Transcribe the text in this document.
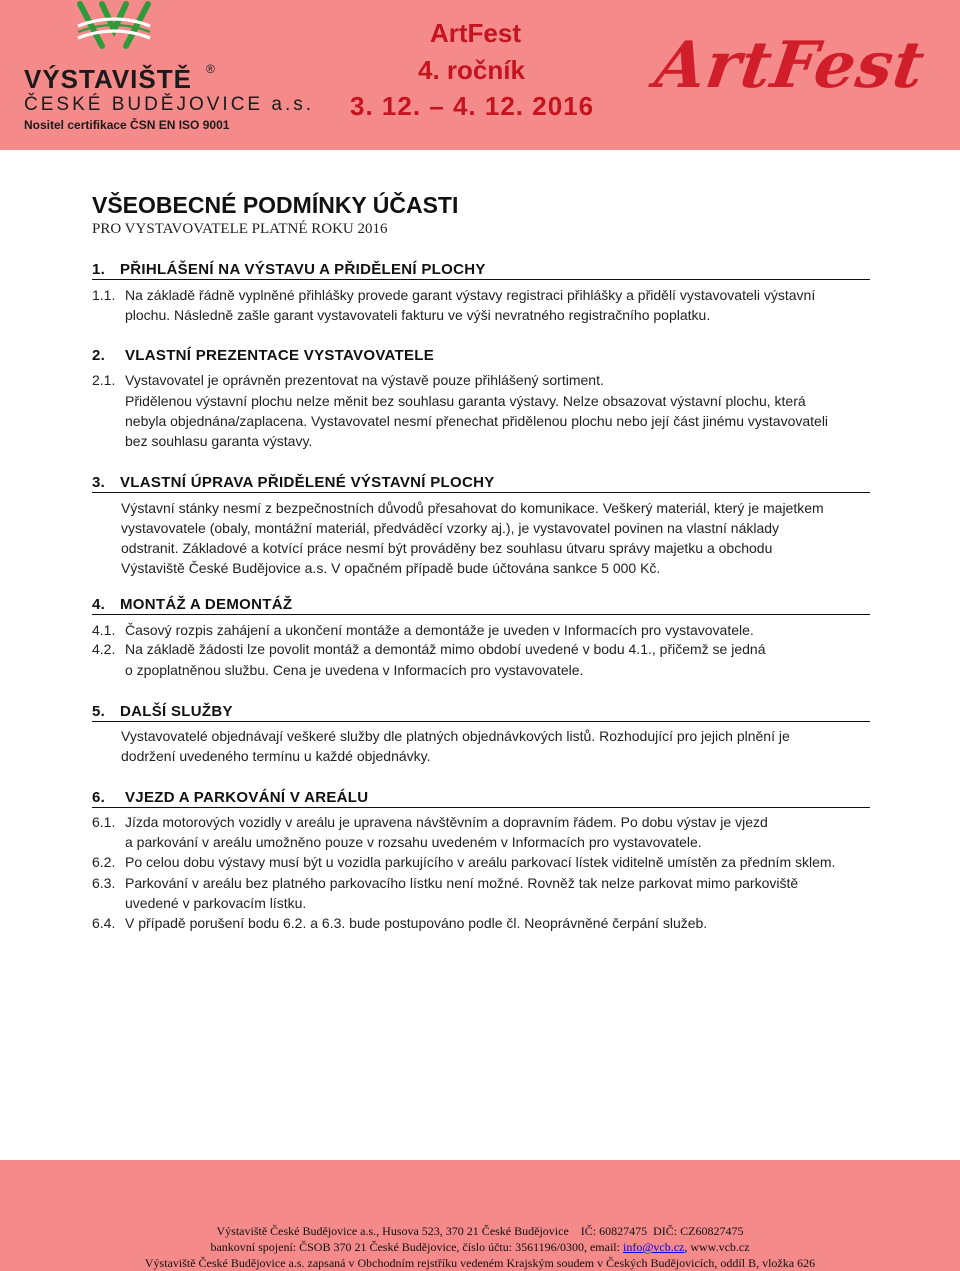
VÝSTAVIŠTĚ ®
ČESKÉ BUDĚJOVICE a.s.
Nositel certifikace ČSN EN ISO 9001
ArtFest
4. ročník
3. 12. – 4. 12. 2016
ArtFest
VŠEOBECNÉ PODMÍNKY ÚČASTI
PRO VYSTAVOVATELE PLATNÉ ROKU 2016
1. PŘIHLÁŠENÍ NA VÝSTAVU A PŘIDĚLENÍ PLOCHY
1.1. Na základě řádně vyplněné přihlášky provede garant výstavy registraci přihlášky a přidělí vystavovateli výstavní
plochu. Následně zašle garant vystavovateli fakturu ve výši nevratného registračního poplatku.
2. VLASTNÍ PREZENTACE VYSTAVOVATELE
2.1. Vystavovatel je oprávněn prezentovat na výstavě pouze přihlášený sortiment.
Přidělenou výstavní plochu nelze měnit bez souhlasu garanta výstavy. Nelze obsazovat výstavní plochu, která
nebyla objednána/zaplacena. Vystavovatel nesmí přenechat přidělenou plochu nebo její část jinému vystavovateli
bez souhlasu garanta výstavy.
3. VLASTNÍ ÚPRAVA PŘIDĚLENÉ VÝSTAVNÍ PLOCHY
Výstavní stánky nesmí z bezpečnostních důvodů přesahovat do komunikace. Veškerý materiál, který je majetkem
vystavovatele (obaly, montážní materiál, předváděcí vzorky aj.), je vystavovatel povinen na vlastní náklady
odstranit. Základové a kotvící práce nesmí být prováděny bez souhlasu útvaru správy majetku a obchodu
Výstaviště České Budějovice a.s. V opačném případě bude účtována sankce 5 000 Kč.
4. MONTÁŽ A DEMONTÁŽ
4.1. Časový rozpis zahájení a ukončení montáže a demontáže je uveden v Informacích pro vystavovatele.
4.2. Na základě žádosti lze povolit montáž a demontáž mimo období uvedené v bodu 4.1., přičemž se jedná
o zpoplatněnou službu. Cena je uvedena v Informacích pro vystavovatele.
5. DALŠÍ SLUŽBY
Vystavovatelé objednávají veškeré služby dle platných objednávkových listů. Rozhodující pro jejich plnění je
dodržení uvedeného termínu u každé objednávky.
6. VJEZD A PARKOVÁNÍ V AREÁLU
6.1. Jízda motorových vozidly v areálu je upravena návštěvním a dopravním řádem. Po dobu výstav je vjezd
a parkování v areálu umožněno pouze v rozsahu uvedeném v Informacích pro vystavovatele.
6.2. Po celou dobu výstavy musí být u vozidla parkujícího v areálu parkovací lístek viditelně umístěn za předním sklem.
6.3. Parkování v areálu bez platného parkovacího lístku není možné. Rovněž tak nelze parkovat mimo parkoviště
uvedené v parkovacím lístku.
6.4. V případě porušení bodu 6.2. a 6.3. bude postupováno podle čl. Neoprávněné čerpání služeb.
Výstaviště České Budějovice a.s., Husova 523, 370 21 České Budějovice    IČ: 60827475  DIČ: CZ60827475
bankovní spojení: ČSOB 370 21 České Budějovice, číslo účtu: 3561196/0300, email: info@vcb.cz, www.vcb.cz
Výstaviště České Budějovice a.s. zapsaná v Obchodním rejstříku vedeném Krajským soudem v Českých Budějovicích, oddíl B, vložka 626
